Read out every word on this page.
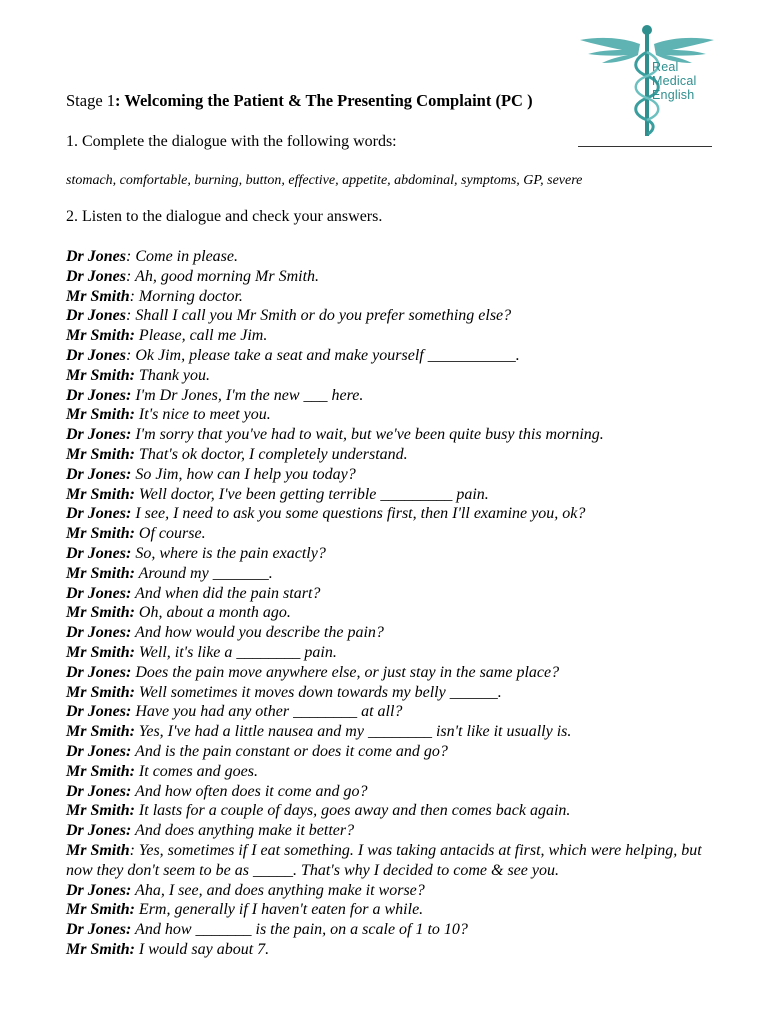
Real
Medical
English
Stage 1: Welcoming the Patient & The Presenting Complaint (PC )
1. Complete the dialogue with the following words:
stomach, comfortable, burning, button, effective, appetite, abdominal, symptoms, GP, severe
2. Listen to the dialogue and check your answers.
Dr Jones: Come in please.
Dr Jones: Ah, good morning Mr Smith.
Mr Smith: Morning doctor.
Dr Jones: Shall I call you Mr Smith or do you prefer something else?
Mr Smith: Please, call me Jim.
Dr Jones: Ok Jim, please take a seat and make yourself ___________.
Mr Smith: Thank you.
Dr Jones: I'm Dr Jones, I'm the new ___ here.
Mr Smith: It's nice to meet you.
Dr Jones: I'm sorry that you've had to wait, but we've been quite busy this morning.
Mr Smith: That's ok doctor, I completely understand.
Dr Jones: So Jim, how can I help you today?
Mr Smith: Well doctor, I've been getting terrible _________ pain.
Dr Jones: I see, I need to ask you some questions first, then I'll examine you, ok?
Mr Smith: Of course.
Dr Jones: So, where is the pain exactly?
Mr Smith: Around my _______.
Dr Jones: And when did the pain start?
Mr Smith: Oh, about a month ago.
Dr Jones: And how would you describe the pain?
Mr Smith: Well, it's like a ________ pain.
Dr Jones: Does the pain move anywhere else, or just stay in the same place?
Mr Smith: Well sometimes it moves down towards my belly ______.
Dr Jones: Have you had any other ________ at all?
Mr Smith: Yes, I've had a little nausea and my ________ isn't like it usually is.
Dr Jones: And is the pain constant or does it come and go?
Mr Smith: It comes and goes.
Dr Jones: And how often does it come and go?
Mr Smith: It lasts for a couple of days, goes away and then comes back again.
Dr Jones: And does anything make it better?
Mr Smith: Yes, sometimes if I eat something. I was taking antacids at first, which were helping, but now they don't seem to be as _____. That's why I decided to come & see you.
Dr Jones: Aha, I see, and does anything make it worse?
Mr Smith: Erm, generally if I haven't eaten for a while.
Dr Jones: And how _______ is the pain, on a scale of 1 to 10?
Mr Smith: I would say about 7.
